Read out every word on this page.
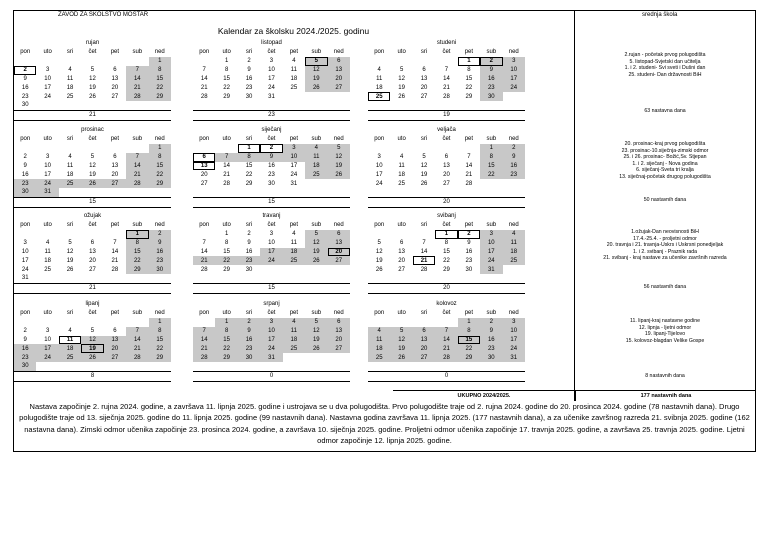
ZAVOD ZA ŠKOLSTVO MOSTAR	srednja škola
Kalendar za školsku 2024./2025. godinu
rujan
pon	uto	sri	čet	pet	sub	ned
						1
2	3	4	5	6	7	8
9	10	11	12	13	14	15
16	17	18	19	20	21	22
23	24	25	26	27	28	29
30						
21
listopad
pon	uto	sri	čet	pet	sub	ned
	1	2	3	4	5	6
7	8	9	10	11	12	13
14	15	16	17	18	19	20
21	22	23	24	25	26	27
28	29	30	31			
23
studeni
pon	uto	sri	čet	pet	sub	ned
				1	2	3
4	5	6	7	8	9	10
11	12	13	14	15	16	17
18	19	20	21	22	23	24
25	26	27	28	29	30	
19
prosinac
pon	uto	sri	čet	pet	sub	ned
						1
2	3	4	5	6	7	8
9	10	11	12	13	14	15
16	17	18	19	20	21	22
23	24	25	26	27	28	29
30	31					
15
siječanj
pon	uto	sri	čet	pet	sub	ned
		1	2	3	4	5
6	7	8	9	10	11	12
13	14	15	16	17	18	19
20	21	22	23	24	25	26
27	28	29	30	31		
15
veljača
pon	uto	sri	čet	pet	sub	ned
					1	2
3	4	5	6	7	8	9
10	11	12	13	14	15	16
17	18	19	20	21	22	23
24	25	26	27	28		
20
ožujak
pon	uto	sri	čet	pet	sub	ned
					1	2
3	4	5	6	7	8	9
10	11	12	13	14	15	16
17	18	19	20	21	22	23
24	25	26	27	28	29	30
31						
21
travanj
pon	uto	sri	čet	pet	sub	ned
	1	2	3	4	5	6
7	8	9	10	11	12	13
14	15	16	17	18	19	20
21	22	23	24	25	26	27
28	29	30				
15
svibanj
pon	uto	sri	čet	pet	sub	ned
			1	2	3	4
5	6	7	8	9	10	11
12	13	14	15	16	17	18
19	20	21	22	23	24	25
26	27	28	29	30	31	
20
lipanj
pon	uto	sri	čet	pet	sub	ned
						1
2	3	4	5	6	7	8
9	10	11	12	13	14	15
16	17	18	19	20	21	22
23	24	25	26	27	28	29
30						
8
srpanj
pon	uto	sri	čet	pet	sub	ned
	1	2	3	4	5	6
7	8	9	10	11	12	13
14	15	16	17	18	19	20
21	22	23	24	25	26	27
28	29	30	31			
0
kolovoz
pon	uto	sri	čet	pet	sub	ned
				1	2	3
4	5	6	7	8	9	10
11	12	13	14	15	16	17
18	19	20	21	22	23	24
25	26	27	28	29	30	31
0
2.rujan - početak prvog polugodišta
5. listopad-Svjetski dan učitelja
1. i 2. studeni- Svi sveti i Dušni dan
25. studeni- Dan državnosti BiH
63 nastavna dana
20. prosinac-kraj prvog polugodišta
23. prosinac-10.siječnja-zimski odmor
25. i 26. prosinac- Božić,Sv. Stjepan
1. i 2. siječanj - Nova godina
6. siječanj-Sveta tri kralja
13. siječnaj-početak drugog polugodišta
50 nastavnih dana
1.ožujak-Dan neovisnosti BiH
17.4.-25.4. - proljetni odmor
20. travnja i 21. travnja-Uskrs i Uskrsni ponedjeljak
1. i 2. svibanj - Praznik rada
21. svibanj - kraj nastave za učenike završnih razreda
56 nastavnih dana
11. lipanj-kraj nastavne godine
12. lipnja - ljetni odmor
19. lipanj-Tijelovo
15. kolovoz-blagdan Velike Gospe
8 nastavnih dana
UKUPNO 2024/2025.	177 nastavnih dana
Nastava započinje 2. rujna 2024. godine, a završava 11. lipnja 2025. godine i ustrojava se u dva polugodišta. Prvo polugodište traje od 2. rujna 2024. godine do 20. prosinca 2024. godine (78 nastavnih dana). Drugo polugodište traje od 13. siječnja 2025. godine do 11. lipnja 2025. godine (99 nastavnih dana). Nastavna godina završava 11. lipnja 2025. (177 nastavnih dana), a za učenike završnog razreda 21. svibnja 2025. godine (162 nastavna dana). Zimski odmor učenika započinje 23. prosinca 2024. godine, a završava 10. siječnja 2025. godine. Proljetni odmor učenika započinje 17. travnja 2025. godine, a završava 25. travnja 2025. godine. Ljetni odmor započinje 12. lipnja 2025. godine.
